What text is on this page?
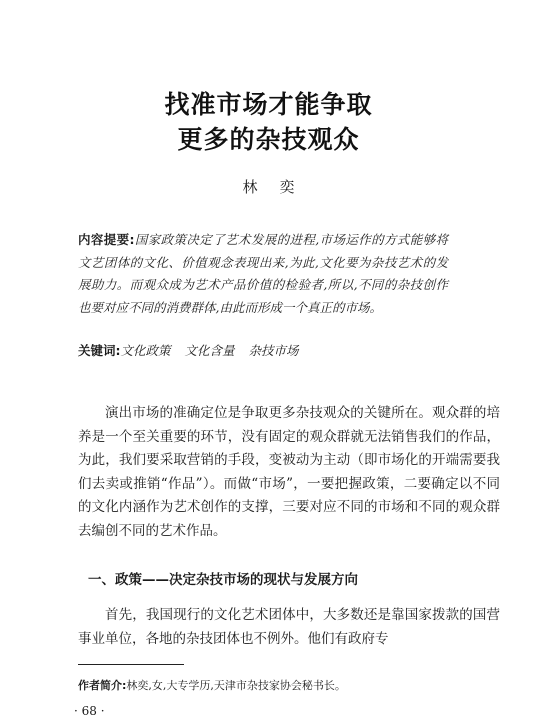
找准市场才能争取
更多的杂技观众
林奕
内容提要:国家政策决定了艺术发展的进程,市场运作的方式能够将文艺团体的文化、价值观念表现出来,为此,文化要为杂技艺术的发展助力。而观众成为艺术产品价值的检验者,所以,不同的杂技创作也要对应不同的消费群体,由此而形成一个真正的市场。
关键词:文化政策 文化含量 杂技市场

演出市场的准确定位是争取更多杂技观众的关键所在。观众群的培养是一个至关重要的环节，没有固定的观众群就无法销售我们的作品，为此，我们要采取营销的手段，变被动为主动（即市场化的开端需要我们去卖或推销“作品”）。而做“市场”，一要把握政策，二要确定以不同的文化内涵作为艺术创作的支撑，三要对应不同的市场和不同的观众群去编创不同的艺术作品。

一、政策——决定杂技市场的现状与发展方向

首先，我国现行的文化艺术团体中，大多数还是靠国家拨款的国营事业单位，各地的杂技团体也不例外。他们有政府专

作者简介:林奕,女,大专学历,天津市杂技家协会秘书长。
· 68 ·
